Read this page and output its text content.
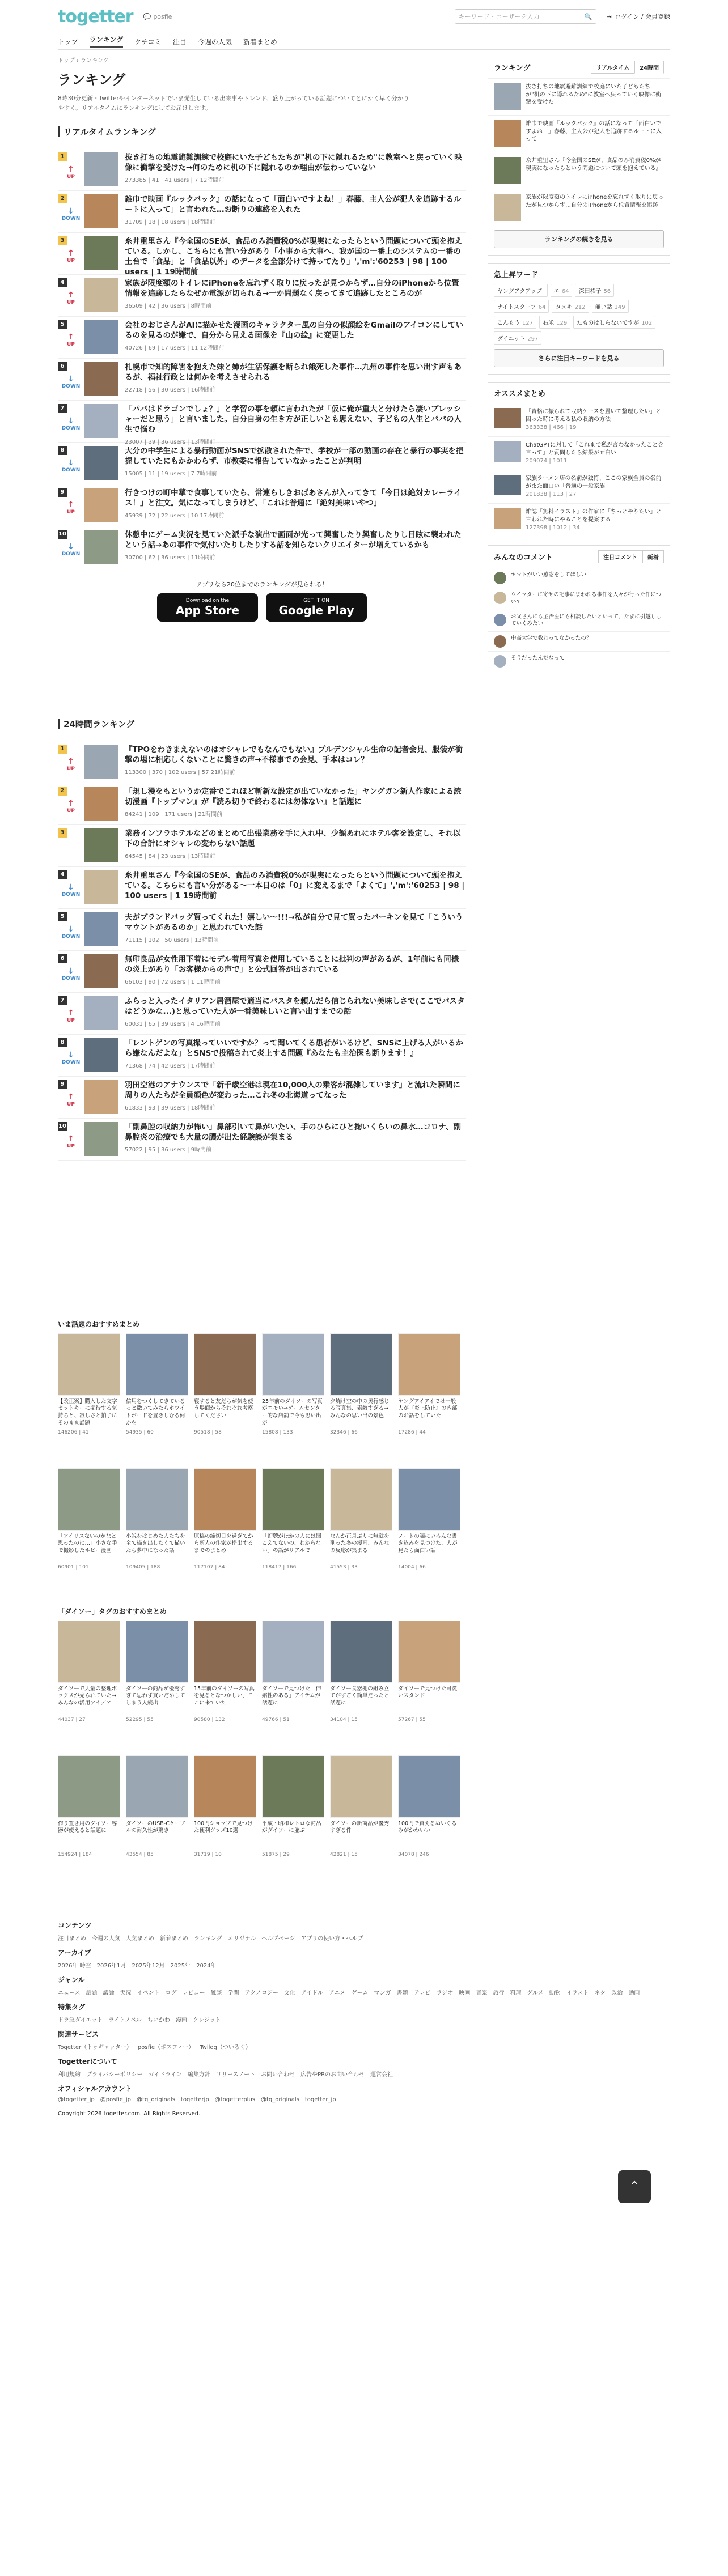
togetter 💬 posfie	キーワード・ユーザーを入力	🔍 ⇥ ログイン / 会員登録
トップ ランキング クチコミ 注目 今週の人気 新着まとめ
トップ › ランキング
ランキング

8時30分更新・Twitterやインターネットでいま発生している出来事やトレンド、盛り上がっている話題についてとにかく早く分かりやすく。リアルタイムにランキングにしてお届けします。

リアルタイムランキング
1
↑
UP
抜き打ちの地震避難訓練で校庭にいた子どもたちが"机の下に隠れるため"に教室へと戻っていく映像に衝撃を受けた→何のために机の下に隠れるのか理由が伝わっていない
273385 | 41 | 41 users | 7 12時間前
2
↓
DOWN
雑巾で映画『ルックバック』の話になって「面白いですよね！」春藤、主人公が犯人を追跡するルートに入って」と言われた…お断りの連絡を入れた
31709 | 18 | 18 users | 18時間前
3
↑
UP
糸井重里さん『今全国のSEが、食品のみ消費税0%が現実になったらという問題について頭を抱えている。しかし、こちらにも言い分があり「小事から大事へ、我が国の一番上のシステムの一番の土台で「食品」と「食品以外」のデータを全部分けて持ってたり」','m':'60253 | 98 | 100 users | 1 19時間前
4
↑
UP
家族が限度額のトイレにiPhoneを忘れずく取りに戻ったが見つからず…自分のiPhoneから位置情報を追跡したらなぜか電源が切られる→一か問題なく戻ってきて追跡したところのが
36509 | 42 | 36 users | 8時間前
5
↑
UP
会社のおじさんがAIに描かせた漫画のキャラクター風の自分の似顔絵をGmailのアイコンにしているのを見るのが嫌で、自分から見える画像を『山の絵』に変更した
40726 | 69 | 17 users | 11 12時間前
6
↓
DOWN
札幌市で知的障害を抱えた妹と姉が生活保護を断られ餓死した事件…九州の事件を思い出す声もあるが、福祉行政とは何かを考えさせられる
22718 | 56 | 30 users | 16時間前
7
↓
DOWN
「パパはドラゴンでしょ？」と学習の事を頼に言われたが「仮に俺が重大と分けたら凄いプレッシャーだと思う」と言いました。自分自身の生き方が正しいとも思えない、子どもの人生とパパの人生で悩む
23007 | 39 | 36 users | 13時間前
8
↓
DOWN
大分の中学生による暴行動画がSNSで拡散された件で、学校が一部の動画の存在と暴行の事実を把握していたにもかかわらず、市教委に報告していなかったことが判明
15005 | 11 | 19 users | 7 7時間前
9
↑
UP
行きつけの町中華で食事していたら、常連らしきおばあさんが入ってきて「今日は絶対カレーライス！」と注文。気になってしまうけど、「これは普通に「絶対美味いやつ」
45939 | 72 | 22 users | 10 17時間前
10
↓
DOWN
休憩中にゲーム実況を見ていた派手な演出で画面が光って興奮したり興奮したりし目眩に襲われたという話→あの事件で気付いたりしたりする話を知らないクリエイターが増えているかも
30700 | 62 | 36 users | 11時間前
アプリなら20位までのランキングが見られる！
Download on the
App Store
GET IT ON
Google Play
24時間ランキング
1
↑
UP
『TPOをわきまえないのはオシャレでもなんでもない』プルデンシャル生命の記者会見、服装が衝撃の場に相応しくないことに驚きの声→不様事での会見、手本はコレ？
113300 | 370 | 102 users | 57 21時間前
2
↑
UP
「規し漫をもというか定番でこれほど斬新な設定が出ていなかった」ヤングガン新人作家による読切漫画『トップマン』が『読み切りで終わるには勿体ない』と話題に
84241 | 109 | 171 users | 21時間前
3	業務インフラホテルなどのまとめて出張業務を手に入れ中、少額あれにホテル客を設定し、それ以下の合計にオシャレの変わらない話題
64545 | 84 | 23 users | 13時間前
4
↓
DOWN
糸井重里さん『今全国のSEが、食品のみ消費税0%が現実になったらという問題について頭を抱えている。こちらにも言い分がある〜一本日のは「0」に変えるまで「よくて」','m':'60253 | 98 | 100 users | 1 19時間前
5
↓
DOWN
夫がブランドバッグ買ってくれた！嬉しい〜!!!→私が自分で見て買ったバーキンを見て「こういうマウントがあるのか」と思われていた話
71115 | 102 | 50 users | 13時間前
6
↓
DOWN
無印良品が女性用下着にモデル着用写真を使用していることに批判の声があるが、1年前にも同様の炎上があり「お客様からの声で」と公式回答が出されている
66103 | 90 | 72 users | 1 11時間前
7
↑
UP
ふらっと入ったイタリアン居酒屋で適当にパスタを頼んだら信じられない美味しさで(ここでパスタはどうかな...)と思っていた人が一番美味しいと言い出すまでの話
60031 | 65 | 39 users | 4 16時間前
8
↓
DOWN
「レントゲンの写真撮っていいですか？って聞いてくる患者がいるけど、SNSに上げる人がいるから嫌なんだよな」とSNSで投稿されて炎上する問題『あなたも主治医も断ります！』
71368 | 74 | 42 users | 17時間前
9
↑
UP
羽田空港のアナウンスで「新千歳空港は現在10,000人の乗客が混雑しています」と流れた瞬間に周りの人たちが全員顔色が変わった…これ冬の北海道ってなった
61833 | 93 | 39 users | 18時間前
10
↑
UP
「副鼻腔の収納力が怖い」鼻部引いて鼻がいたい、手のひらにひと掬いくらいの鼻水…コロナ、副鼻腔炎の治療でも大量の膿が出た経験談が集まる
57022 | 95 | 36 users | 9時間前
いま話題のおすすめまとめ

【改正案】購入した文字セットキーに期待する気持ちと、寂しさと拍子にそのまま話題

146206 | 41

信用をつくしてきているっと撒いてみたらホワイトボードを置きしむる何かを

54935 | 60

寝すると友だちが気を使う場面からそれぞれ考察してください

90518 | 58

25年前のダイソーの写真がエモい→ゲームセンター的な店舗で今も思い出が

15808 | 133

夕焼け空の中の奥行感じる写真集、素敵すぎる→みんなの思い出の景色

32346 | 66

ヤングアイアイでは一般人が『炎上防止』の内部のお話をしていた

17286 | 44

「アイリスないのかなと思ったのに…」小さな手で撮影したホビー漫画

60901 | 101

小説をはじめた人たちを全て描き出したくて描いたら夢中になった話

109405 | 188

原稿の締切日を過ぎてから新人の作家が提出するまでのまとめ

117107 | 84

「幻聴がほかの人には聞こえてないの、わからない」の話がリアルで

118417 | 166

なんか正月ぶりに無駄を削った冬の漫画、みんなの反応が集まる

41553 | 33

ノートの端にいろんな書き込みを見つけた、人が見たら面白い話

14004 | 66
「ダイソー」タグのおすすめまとめ

ダイソーで大量の整理ボックスが売られていた→みんなの活用アイデア

44037 | 27

ダイソーの商品が優秀すぎて思わず買いだめしてしまう人続出

52295 | 55

15年前のダイソーの写真を見るとなつかしい、ここに来ていた

90580 | 132

ダイソーで見つけた「伸縮性のある」アイテムが話題に

49766 | 51

ダイソー食器棚の組み立てがすごく簡単だったと話題に

34104 | 15

ダイソーで見つけた可愛いスタンド

57267 | 55

作り置き用のダイソー容器が使えると話題に

154924 | 184

ダイソーのUSB-Cケーブルの耐久性が驚き

43554 | 85

100円ショップで見つけた便利グッズ10選

31719 | 10

平成・昭和レトロな商品がダイソーに並ぶ

51875 | 29

ダイソーの新商品が優秀すぎる件

42821 | 15

100円で買えるぬいぐるみがかわいい

34078 | 246
ランキング	リアルタイム	24時間
抜き打ちの地震避難訓練で校庭にいた子どもたちが"机の下に隠れるため"に教室へ戻っていく映像に衝撃を受けた
雑巾で映画『ルックバック』の話になって「面白いですよね！」春藤、主人公が犯人を追跡するルートに入って
糸井重里さん『今全国のSEが、食品のみ消費税0%が現実になったらという問題について頭を抱えている』
家族が限度額のトイレにiPhoneを忘れずく取りに戻ったが見つからず…自分のiPhoneから位置情報を追跡
ランキングの続きを見る
急上昇ワード
ヤングアクアップ	エ 64	深田恭子 56
ナイトスクープ 64	タヌキ 212	無い話 149
こんもう 127	右米 129	たものはしらないですが 102
ダイエット 297
さらに注目キーワードを見る
オススメまとめ
「資格に振られて収納ケースを置いて整理したい」と困った時に考える私の収納の方法
363338 | 466 | 19
ChatGPTに対して「これまで私が言わなかったことを言って」と質問したら結果が面白い
209074 | 1011
家族ラーメン店の名前が独特、ここの家族全員の名前がまた面白い「普通の一般家族」
201838 | 113 | 27
雑誌「無料イラスト」の作家に「ちっとやりたい」と言われた時にやることを提案する
127398 | 1012 | 34
みんなのコメント	注目コメント	新着
ヤマトがいい感謝をしてほしい
ウイッターに寄せの記事にまわれる事件を人々が行った件について
お父さんにも主治医にも相談したいといって、たまに引越ししていくみたい
中高大学で教わってなかったの？
そうだったんだなって
⌃
コンテンツ
注目まとめ 今週の人気 人気まとめ 新着まとめ ランキング オリジナル ヘルプページ アプリの使い方・ヘルプ
アーカイブ
2026年 時空 2026年1月 2025年12月 2025年 2024年
ジャンル
ニュース 話題 議論 実況 イベント ログ レビュー 雑談 学問 テクノロジー 文化 アイドル アニメ ゲーム マンガ 書籍 テレビ ラジオ 映画 音楽 旅行 料理 グルメ 動物 イラスト ネタ 政治 動画
特集タグ
ドラ急ダイエット ライトノベル ちいかわ 漫画 クレジット
関連サービス
Togetter（トゥギャッター） posfie（ポスフィー） Twilog（ついろぐ）
Togetterについて
利用規約 プライバシーポリシー ガイドライン 編集方針 リリースノート お問い合わせ 広告やPRのお問い合わせ 運営会社
オフィシャルアカウント
@togetter_jp @posfie_jp @tg_originals togetterjp @togetterplus @tg_originals togetter_jp

Copyright 2026 togetter.com. All Rights Reserved.
